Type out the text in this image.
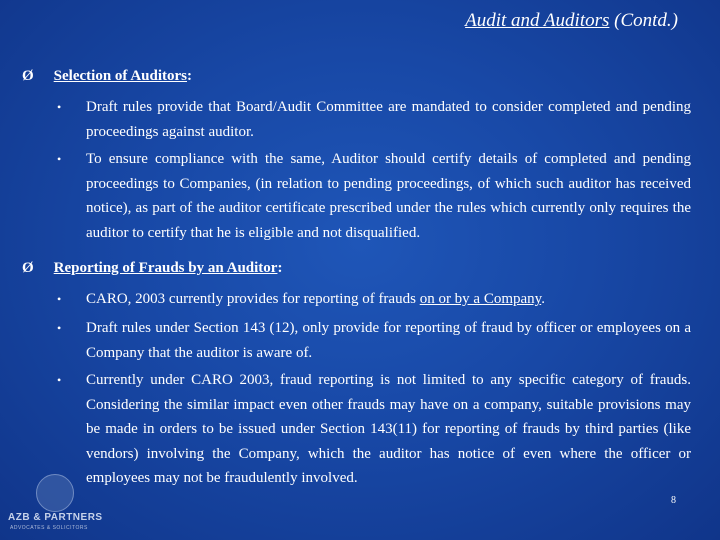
Audit and Auditors (Contd.)
Ø Selection of Auditors :
•	Draft rules provide that Board/Audit Committee are mandated to consider completed and pending proceedings against auditor.
•	To ensure compliance with the same, Auditor should certify details of completed and pending proceedings to Companies, (in relation to pending proceedings, of which such auditor has received notice), as part of the auditor certificate prescribed under the rules which currently only requires the auditor to certify that he is eligible and not disqualified.
Ø Reporting of Frauds by an Auditor :
•	CARO, 2003 currently provides for reporting of frauds on or by a Company.
•	Draft rules under Section 143 (12), only provide for reporting of fraud by officer or employees on a Company that the auditor is aware of.
•	Currently under CARO 2003, fraud reporting is not limited to any specific category of frauds. Considering the similar impact even other frauds may have on a company, suitable provisions may be made in orders to be issued under Section 143(11) for reporting of frauds by third parties (like vendors) involving the Company, which the auditor has notice of even where the officer or employees may not be fraudulently involved.
8
AZB & PARTNERS
ADVOCATES & SOLICITORS
